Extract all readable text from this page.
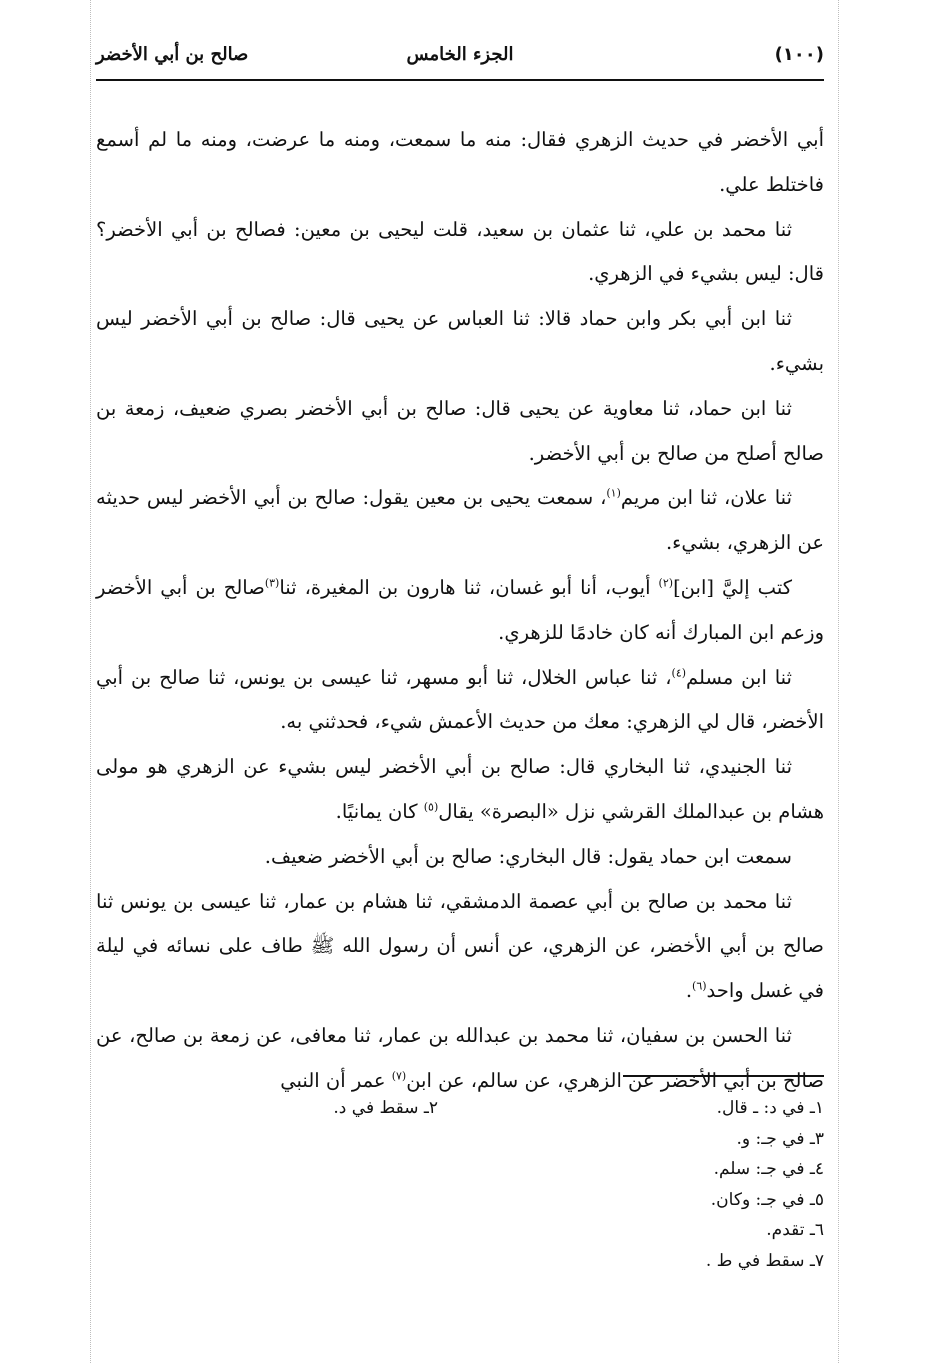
(١٠٠)
الجزء الخامس
صالح بن أبي الأخضر

أبي الأخضر في حديث الزهري فقال: منه ما سمعت، ومنه ما عرضت، ومنه ما لم أسمع فاختلط علي.

ثنا محمد بن علي، ثنا عثمان بن سعيد، قلت ليحيى بن معين: فصالح بن أبي الأخضر؟ قال: ليس بشيء في الزهري.

ثنا ابن أبي بكر وابن حماد قالا: ثنا العباس عن يحيى قال: صالح بن أبي الأخضر ليس بشيء.

ثنا ابن حماد، ثنا معاوية عن يحيى قال: صالح بن أبي الأخضر بصري ضعيف، زمعة بن صالح أصلح من صالح بن أبي الأخضر.

ثنا علان، ثنا ابن مريم$^{(١)}$، سمعت يحيى بن معين يقول: صالح بن أبي الأخضر ليس حديثه عن الزهري، بشيء.

كتب إليَّ [ابن]$^{(٢)}$ أيوب، أنا أبو غسان، ثنا هارون بن المغيرة، ثنا$^{(٣)}$صالح بن أبي الأخضر وزعم ابن المبارك أنه كان خادمًا للزهري.

ثنا ابن مسلم$^{(٤)}$، ثنا عباس الخلال، ثنا أبو مسهر، ثنا عيسى بن يونس، ثنا صالح بن أبي الأخضر، قال لي الزهري: معك من حديث الأعمش شيء، فحدثني به.

ثنا الجنيدي، ثنا البخاري قال: صالح بن أبي الأخضر ليس بشيء عن الزهري هو مولى هشام بن عبدالملك القرشي نزل «البصرة» يقال$^{(٥)}$ كان يمانيًا.

سمعت ابن حماد يقول: قال البخاري: صالح بن أبي الأخضر ضعيف.

ثنا محمد بن صالح بن أبي عصمة الدمشقي، ثنا هشام بن عمار، ثنا عيسى بن يونس ثنا صالح بن أبي الأخضر، عن الزهري، عن أنس أن رسول الله ﷺ طاف على نسائه في ليلة في غسل واحد$^{(٦)}$.

ثنا الحسن بن سفيان، ثنا محمد بن عبدالله بن عمار، ثنا معافى، عن زمعة بن صالح، عن صالح بن أبي الأخضر عن الزهري، عن سالم، عن ابن$^{(٧)}$ عمر أن النبي

١ـ في د: ـ قال.
٢ـ سقط في د.
٣ـ في جـ: و.
٤ـ في جـ: سلم.
٥ـ في جـ: وكان.
٦ـ تقدم.
٧ـ سقط في ط .
